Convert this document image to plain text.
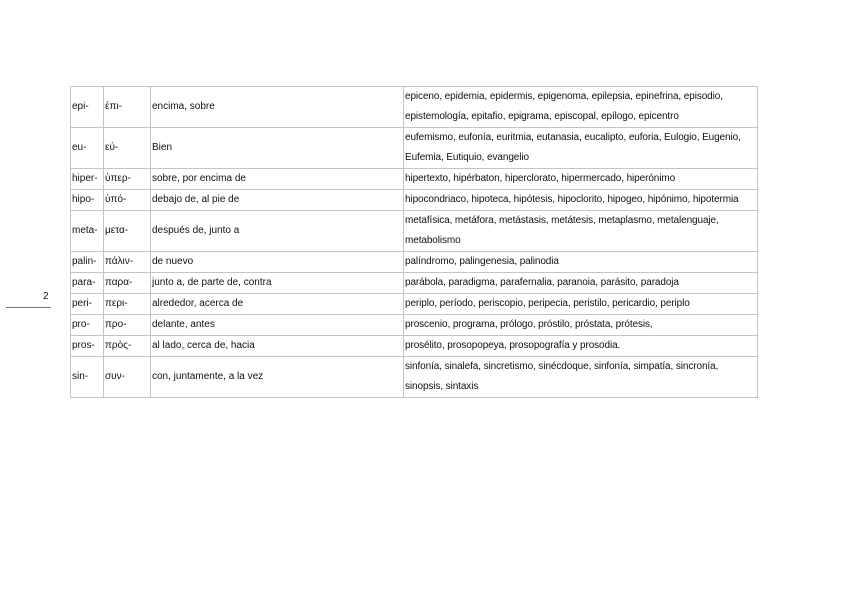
2
epi-	έπι-	encima, sobre	epiceno, epidemia, epidermis, epigenoma, epilepsia, epinefrina, episodio, epistemología, epitafio, epigrama, episcopal, epílogo, epicentro
eu-	εύ-	Bien	eufemismo, eufonía, euritmia, eutanasia, eucalipto, euforia, Eulogio, Eugenio, Eufemia, Eutiquio, evangelio
hiper-	ὑπερ-	sobre, por encima de	hipertexto, hipérbaton, hiperclorato, hipermercado, hiperónimo
hipo-	ὑπό-	debajo de, al pie de	hipocondriaco, hipoteca, hipótesis, hipoclorito, hipogeo, hipónimo, hipotermia
meta-	μετα-	después de, junto a	metafísica, metáfora, metástasis, metátesis, metaplasmo, metalenguaje, metabolismo
palin-	πάλιν-	de nuevo	palíndromo, palingenesia, palinodia
para-	παρα-	junto a, de parte de, contra	parábola, paradigma, parafernalia, paranoia, parásito, paradoja
peri-	περι-	alrededor, acerca de	periplo, período, periscopio, peripecia, peristilo, pericardio, periplo
pro-	προ-	delante, antes	proscenio, programa, prólogo, próstilo, próstata, prótesis,
pros-	πρὸς-	al lado, cerca de, hacia	prosélito, prosopopeya, prosopografía y prosodia.
sin-	συν-	con, juntamente, a la vez	sinfonía, sinalefa, sincretismo, sinécdoque, sinfonía, simpatía, sincronía, sinopsis, sintaxis
